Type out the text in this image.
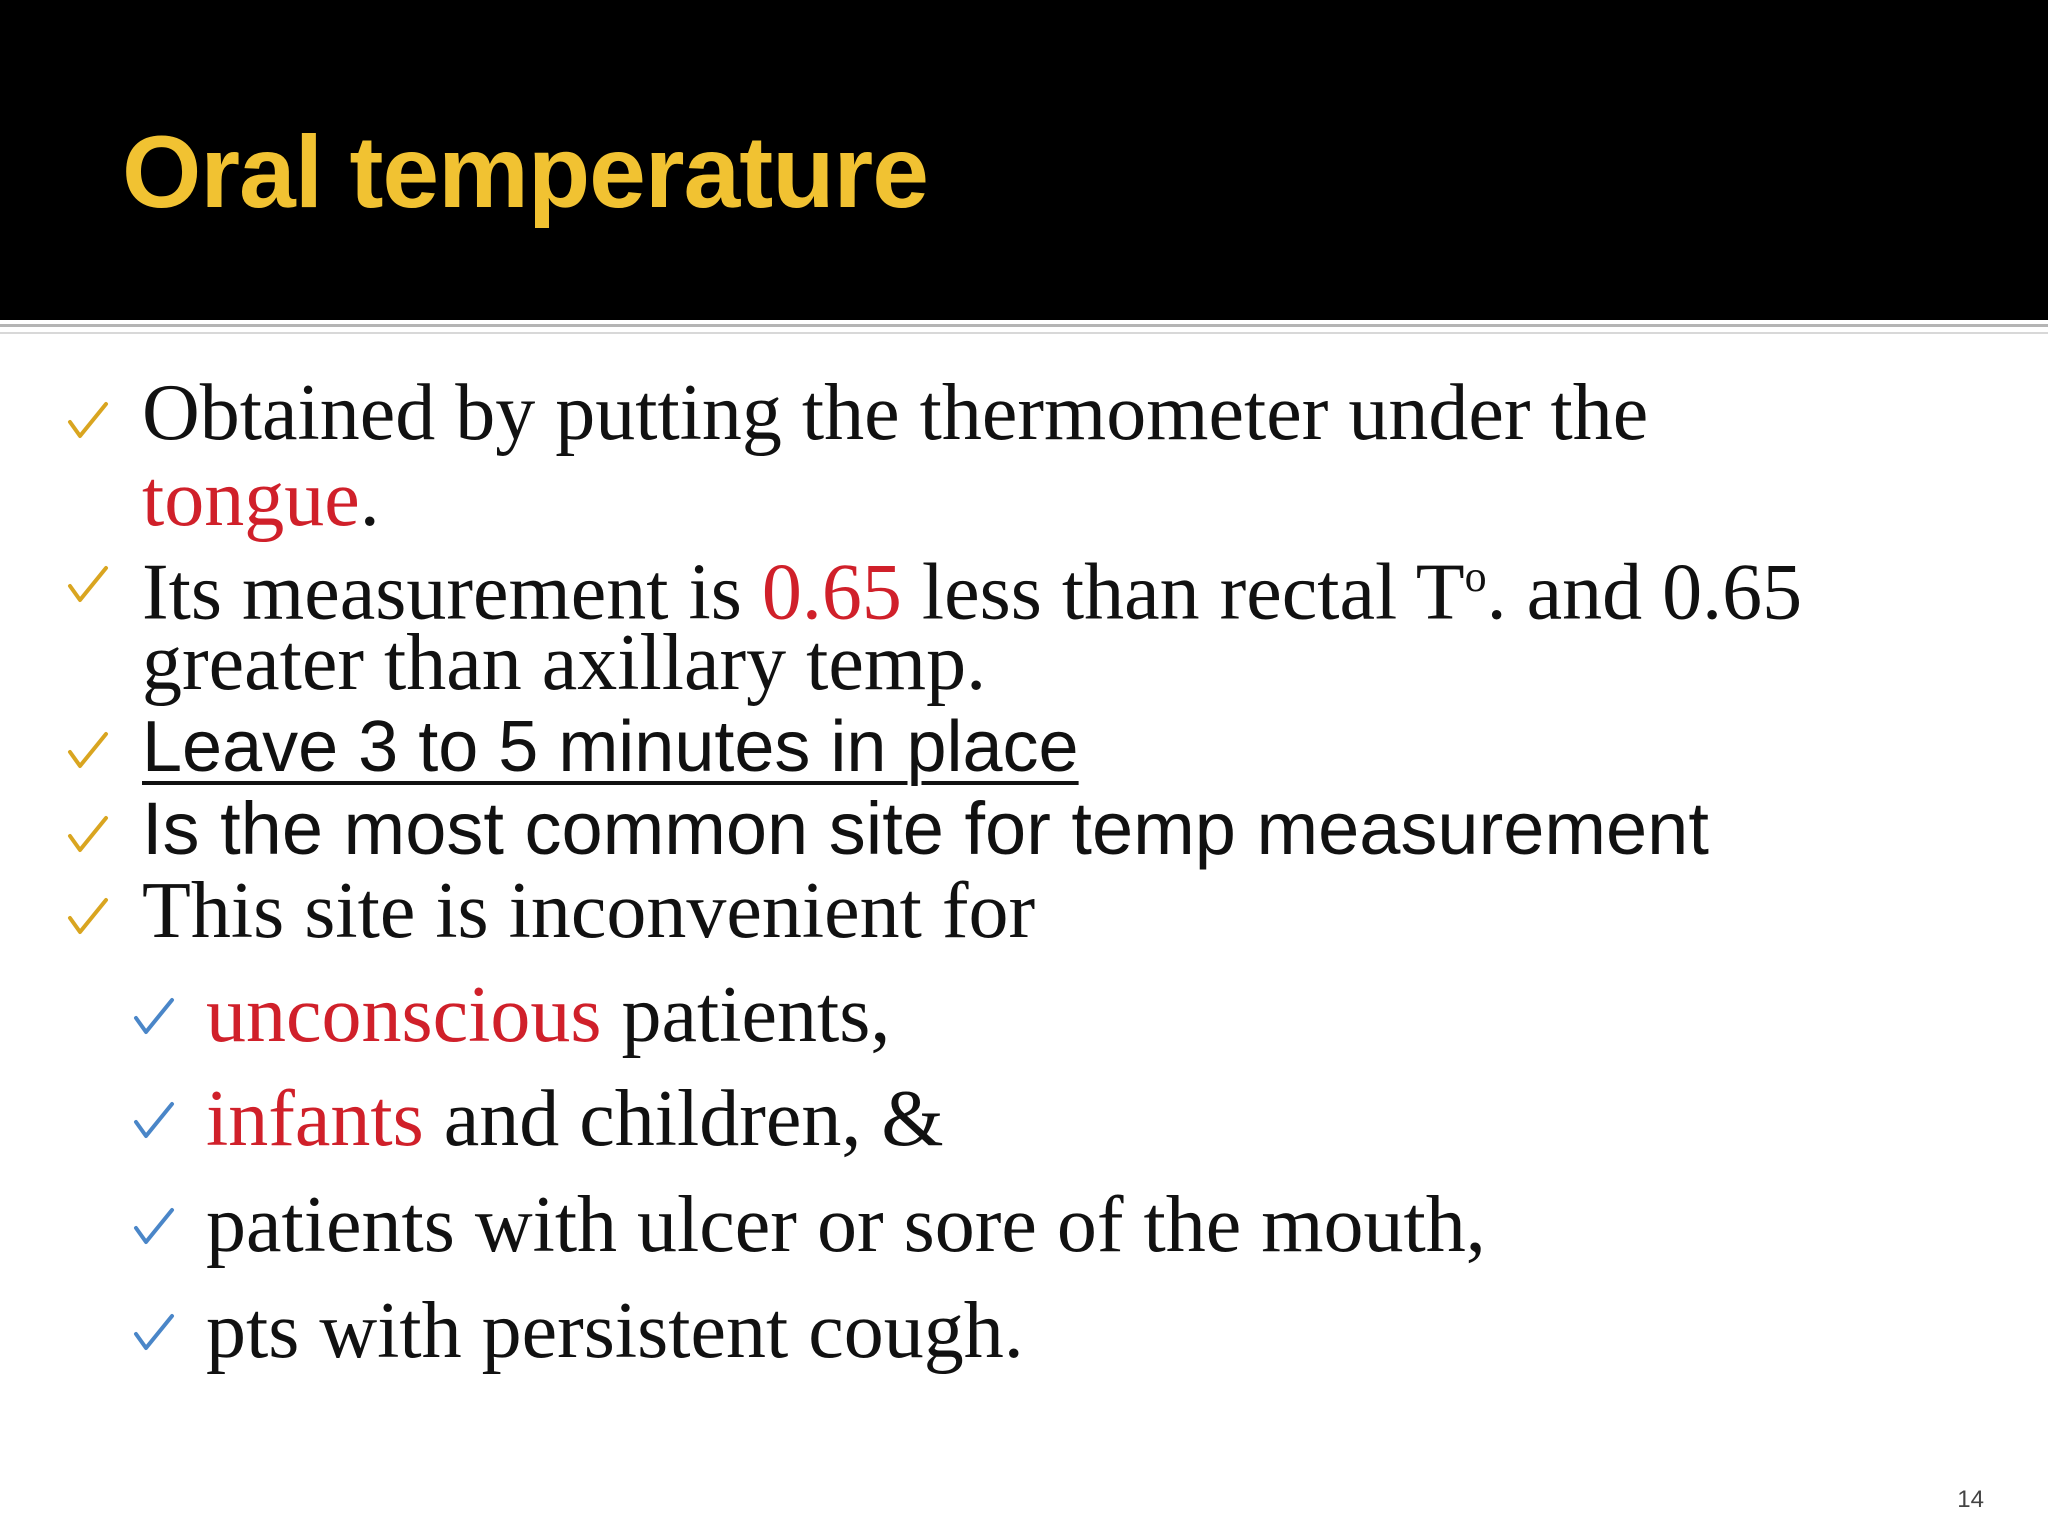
Oral temperature
Obtained by putting the thermometer under the
tongue.
Its measurement is 0.65 less than rectal $T^o$. and 0.65
greater than axillary temp.
Leave 3 to 5 minutes in place
Is the most common site for temp measurement
This site is inconvenient for
unconscious patients,
infants and children, &
patients with ulcer or sore of the mouth,
pts with persistent cough.
14
